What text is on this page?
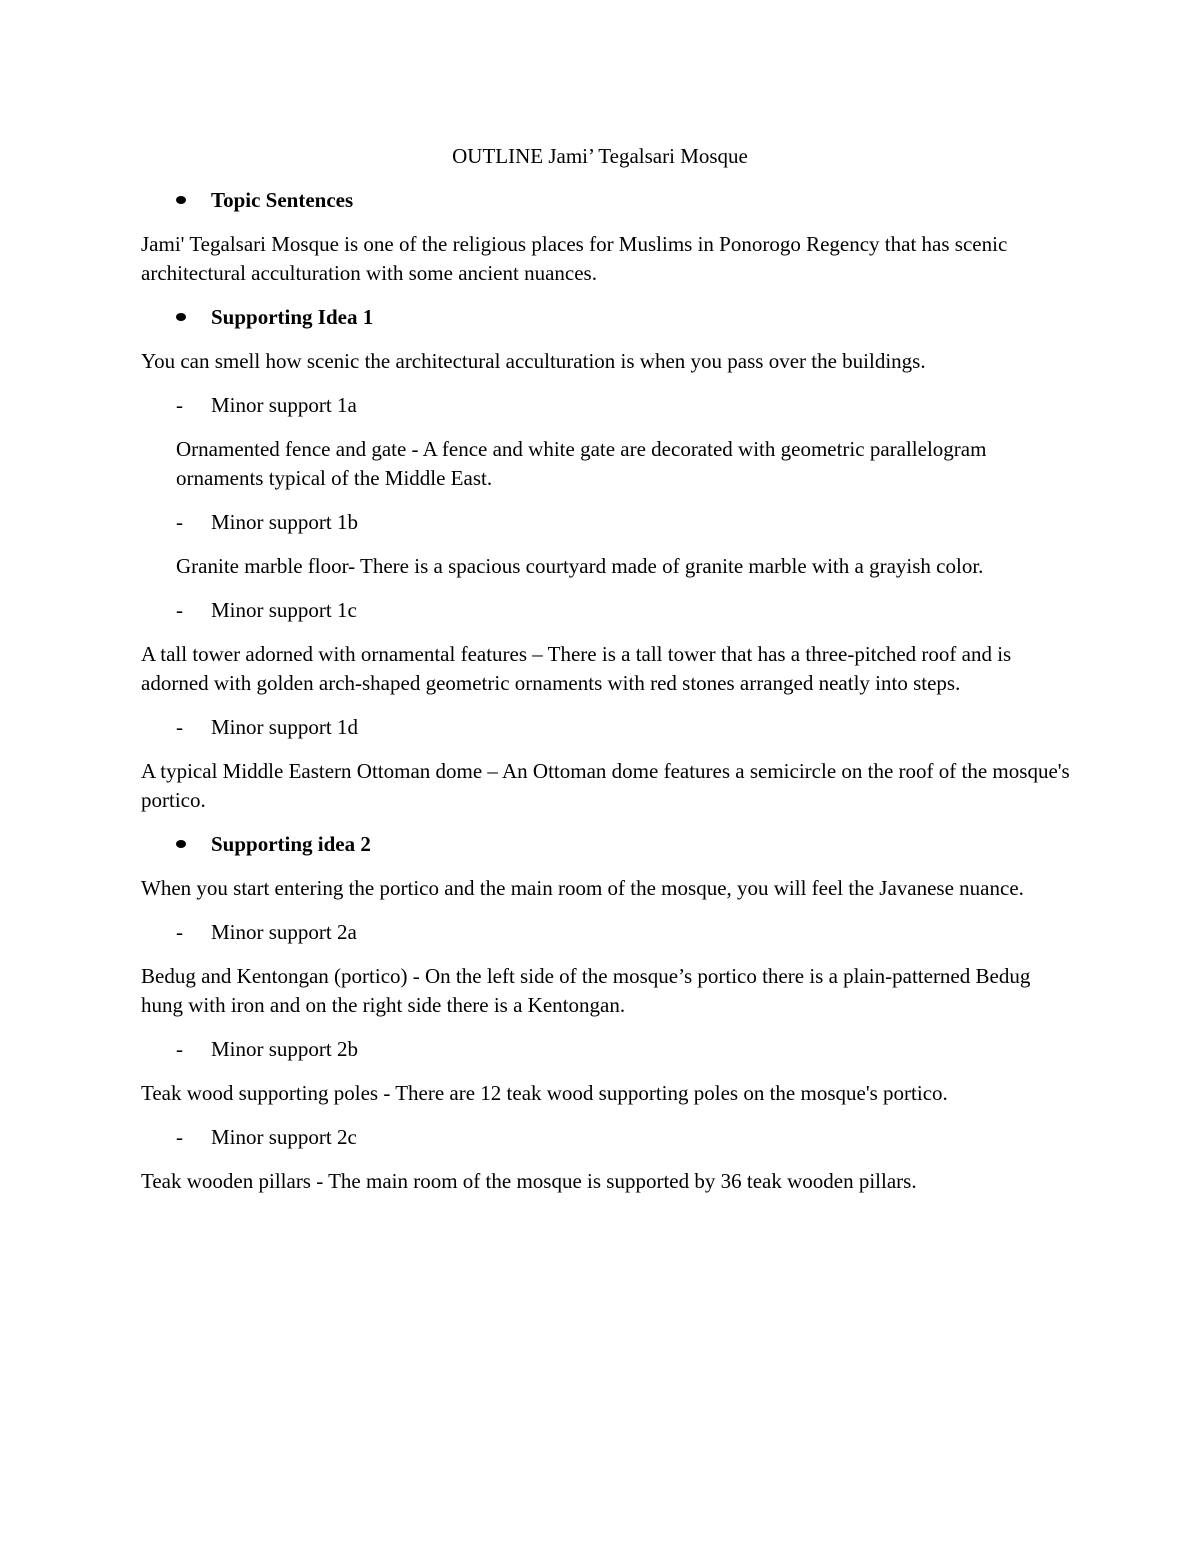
OUTLINE Jami’ Tegalsari Mosque
Topic Sentences

Jami' Tegalsari Mosque is one of the religious places for Muslims in Ponorogo Regency that has scenic architectural acculturation with some ancient nuances.

Supporting Idea 1

You can smell how scenic the architectural acculturation is when you pass over the buildings.

- Minor support 1a

Ornamented fence and gate - A fence and white gate are decorated with geometric parallelogram ornaments typical of the Middle East.

- Minor support 1b

Granite marble floor- There is a spacious courtyard made of granite marble with a grayish color.

- Minor support 1c

A tall tower adorned with ornamental features – There is a tall tower that has a three-pitched roof and is adorned with golden arch-shaped geometric ornaments with red stones arranged neatly into steps.

- Minor support 1d

A typical Middle Eastern Ottoman dome – An Ottoman dome features a semicircle on the roof of the mosque's portico.

Supporting idea 2

When you start entering the portico and the main room of the mosque, you will feel the Javanese nuance.

- Minor support 2a

Bedug and Kentongan (portico) - On the left side of the mosque’s portico there is a plain-patterned Bedug hung with iron and on the right side there is a Kentongan.

- Minor support 2b

Teak wood supporting poles - There are 12 teak wood supporting poles on the mosque's portico.

- Minor support 2c

Teak wooden pillars - The main room of the mosque is supported by 36 teak wooden pillars.
